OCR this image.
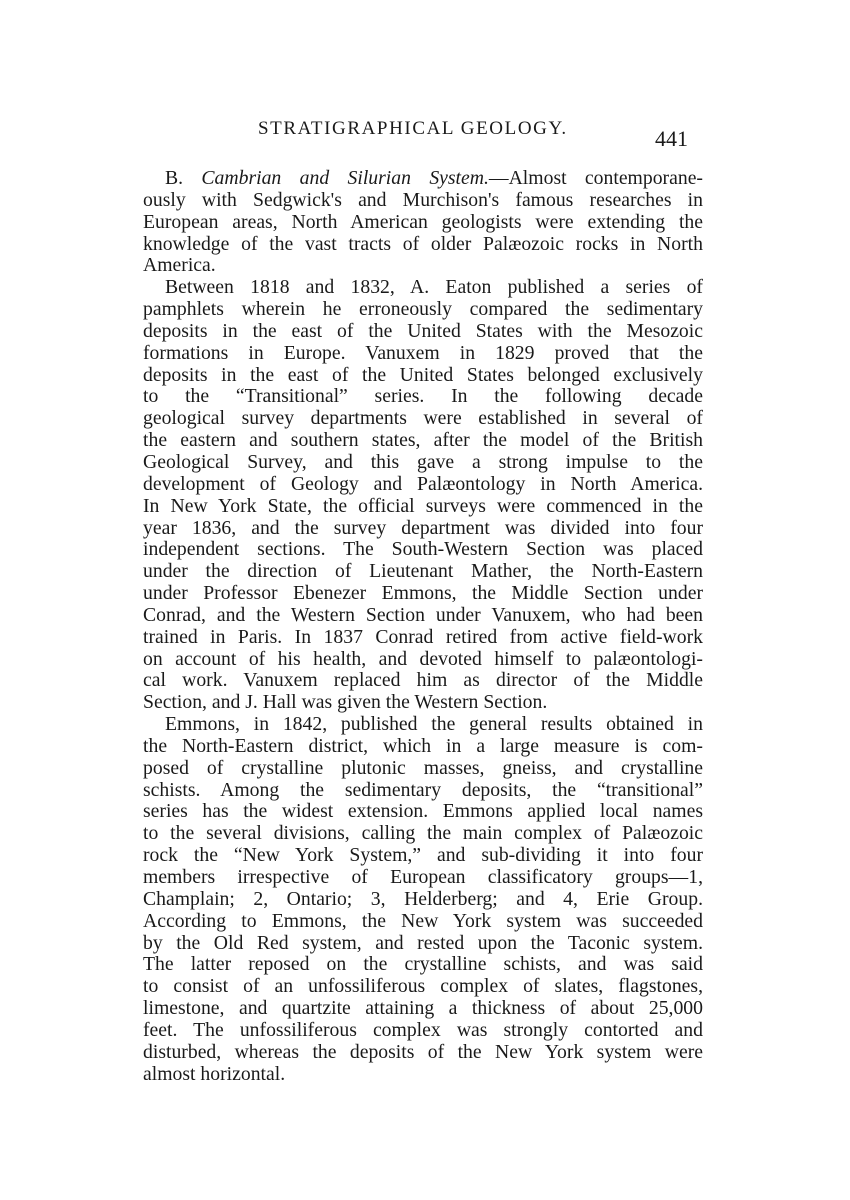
STRATIGRAPHICAL GEOLOGY.	441

B. Cambrian and Silurian System.—Almost contemporane-
ously with Sedgwick's and Murchison's famous researches in
European areas, North American geologists were extending the
knowledge of the vast tracts of older Palæozoic rocks in North
America.

Between 1818 and 1832, A. Eaton published a series of
pamphlets wherein he erroneously compared the sedimentary
deposits in the east of the United States with the Mesozoic
formations in Europe. Vanuxem in 1829 proved that the
deposits in the east of the United States belonged exclusively
to the “Transitional” series. In the following decade
geological survey departments were established in several of
the eastern and southern states, after the model of the British
Geological Survey, and this gave a strong impulse to the
development of Geology and Palæontology in North America.
In New York State, the official surveys were commenced in the
year 1836, and the survey department was divided into four
independent sections. The South-Western Section was placed
under the direction of Lieutenant Mather, the North-Eastern
under Professor Ebenezer Emmons, the Middle Section under
Conrad, and the Western Section under Vanuxem, who had been
trained in Paris. In 1837 Conrad retired from active field-work
on account of his health, and devoted himself to palæontologi-
cal work. Vanuxem replaced him as director of the Middle
Section, and J. Hall was given the Western Section.

Emmons, in 1842, published the general results obtained in
the North-Eastern district, which in a large measure is com-
posed of crystalline plutonic masses, gneiss, and crystalline
schists. Among the sedimentary deposits, the “transitional”
series has the widest extension. Emmons applied local names
to the several divisions, calling the main complex of Palæozoic
rock the “New York System,” and sub-dividing it into four
members irrespective of European classificatory groups—1,
Champlain; 2, Ontario; 3, Helderberg; and 4, Erie Group.
According to Emmons, the New York system was succeeded
by the Old Red system, and rested upon the Taconic system.
The latter reposed on the crystalline schists, and was said
to consist of an unfossiliferous complex of slates, flagstones,
limestone, and quartzite attaining a thickness of about 25,000
feet. The unfossiliferous complex was strongly contorted and
disturbed, whereas the deposits of the New York system were
almost horizontal.
